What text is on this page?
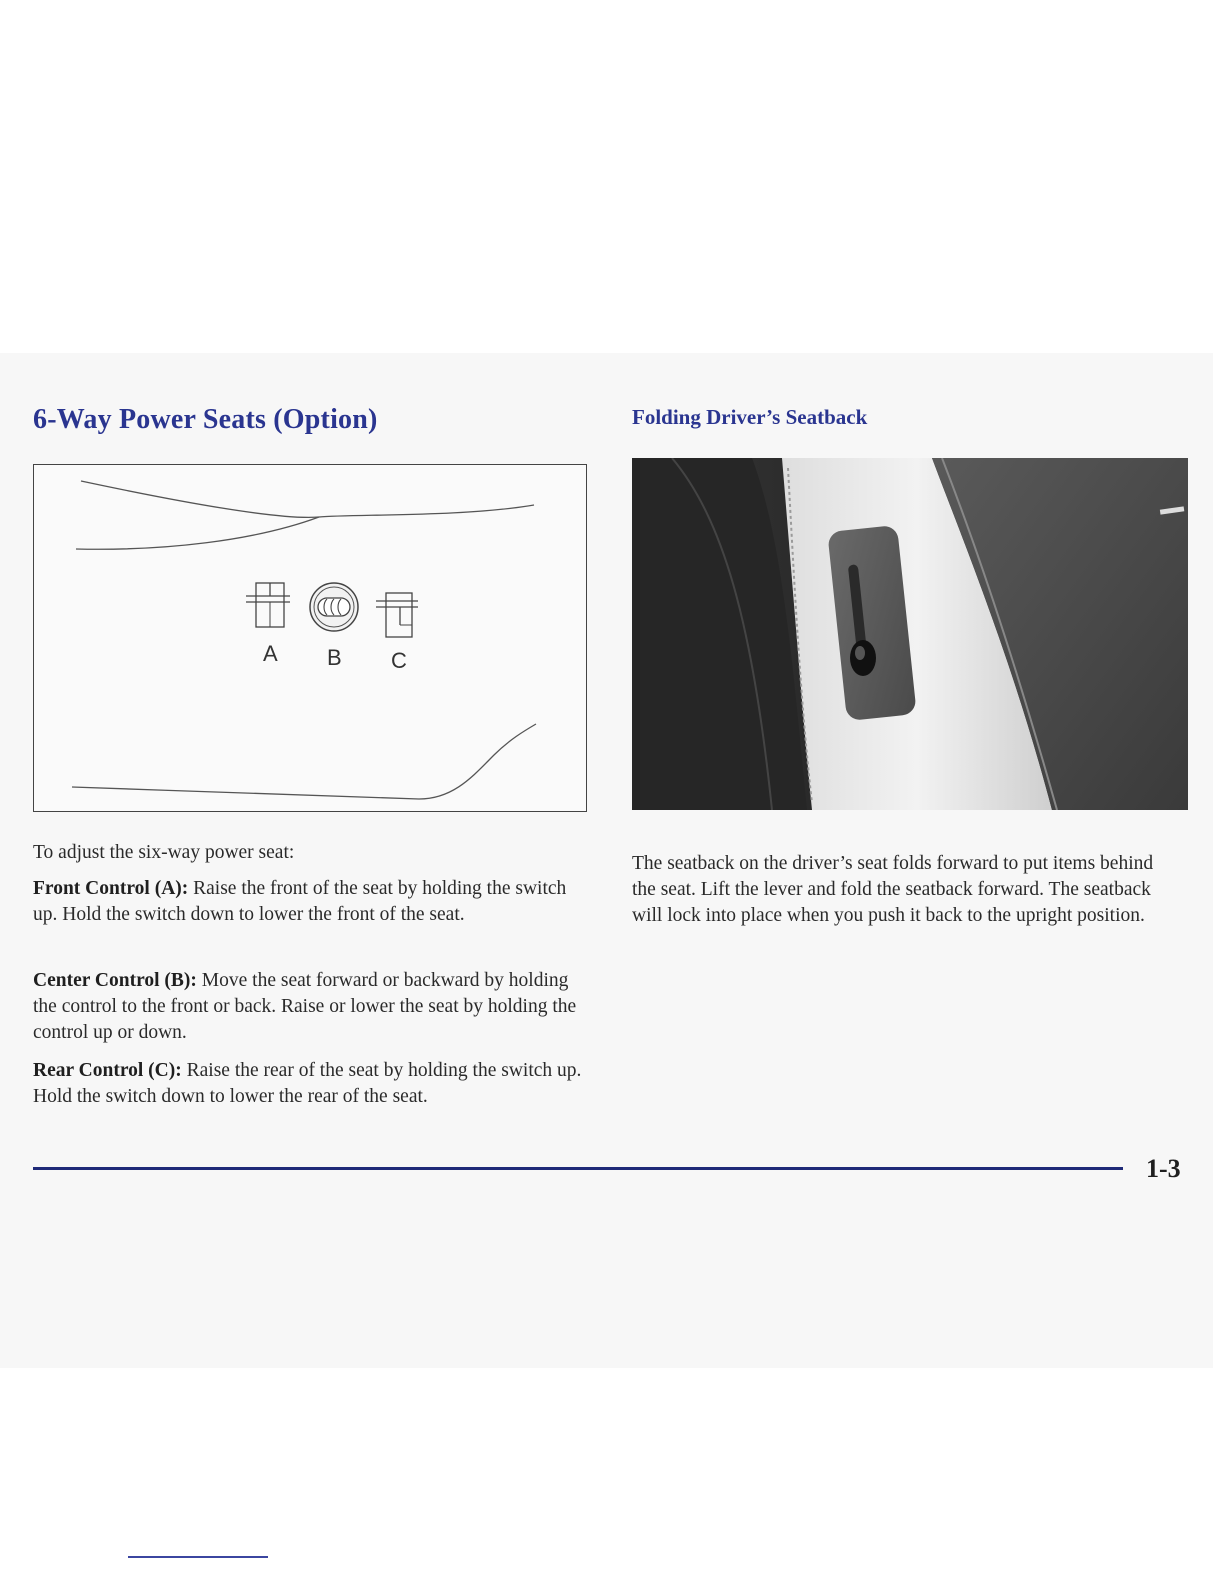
6-Way Power Seats (Option)
A B C

To adjust the six-way power seat:

Front Control (A): Raise the front of the seat by holding the switch up. Hold the switch down to lower the front of the seat.

Center Control (B): Move the seat forward or backward by holding the control to the front or back. Raise or lower the seat by holding the control up or down.

Rear Control (C): Raise the rear of the seat by holding the switch up. Hold the switch down to lower the rear of the seat.

Folding Driver’s Seatback

The seatback on the driver’s seat folds forward to put items behind the seat. Lift the lever and fold the seatback forward. The seatback will lock into place when you push it back to the upright position.

1-3
